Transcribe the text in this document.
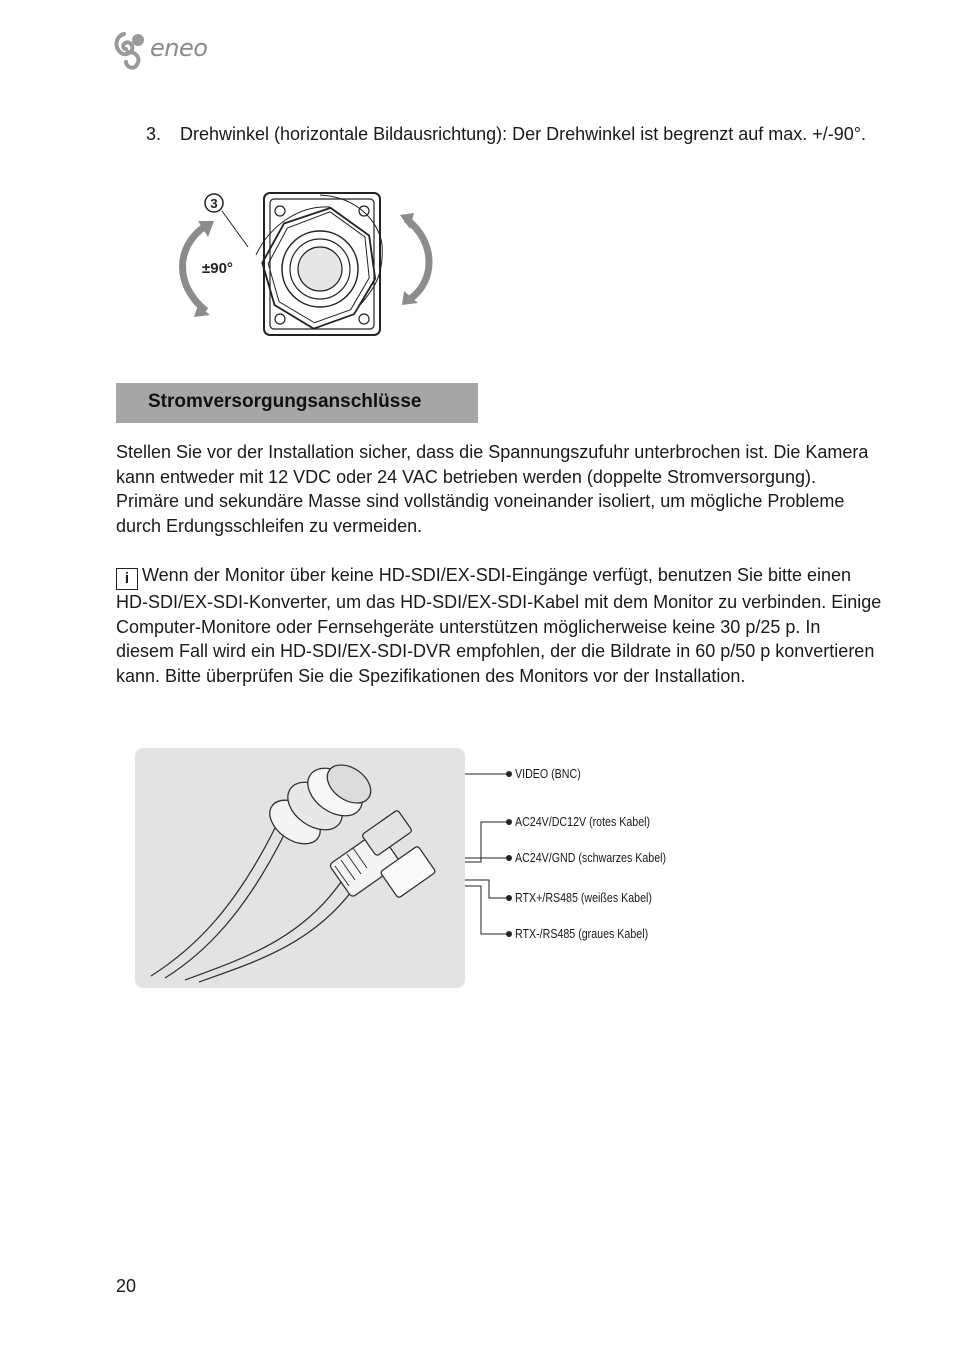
eneo
3. Drehwinkel (horizontale Bildausrichtung): Der Drehwinkel ist begrenzt auf max. +/-90°.
3
±90°
Stromversorgungsanschlüsse
Stellen Sie vor der Installation sicher, dass die Spannungszufuhr unterbrochen ist. Die Kamera kann entweder mit 12 VDC oder 24 VAC betrieben werden (doppelte Stromversorgung). Primäre und sekundäre Masse sind vollständig voneinander isoliert, um mögliche Probleme durch Erdungsschleifen zu vermeiden.
i Wenn der Monitor über keine HD-SDI/EX-SDI-Eingänge verfügt, benutzen Sie bitte einen HD-SDI/EX-SDI-Konverter, um das HD-SDI/EX-SDI-Kabel mit dem Monitor zu verbinden. Einige Computer-Monitore oder Fernsehgeräte unterstützen möglicherweise keine 30 p/25 p. In diesem Fall wird ein HD-SDI/EX-SDI-DVR empfohlen, der die Bildrate in 60 p/50 p konvertieren kann. Bitte überprüfen Sie die Spezifikationen des Monitors vor der Installation.
VIDEO (BNC)
AC24V/DC12V (rotes Kabel)
AC24V/GND (schwarzes Kabel)
RTX+/RS485 (weißes Kabel)
RTX-/RS485 (graues Kabel)
20
